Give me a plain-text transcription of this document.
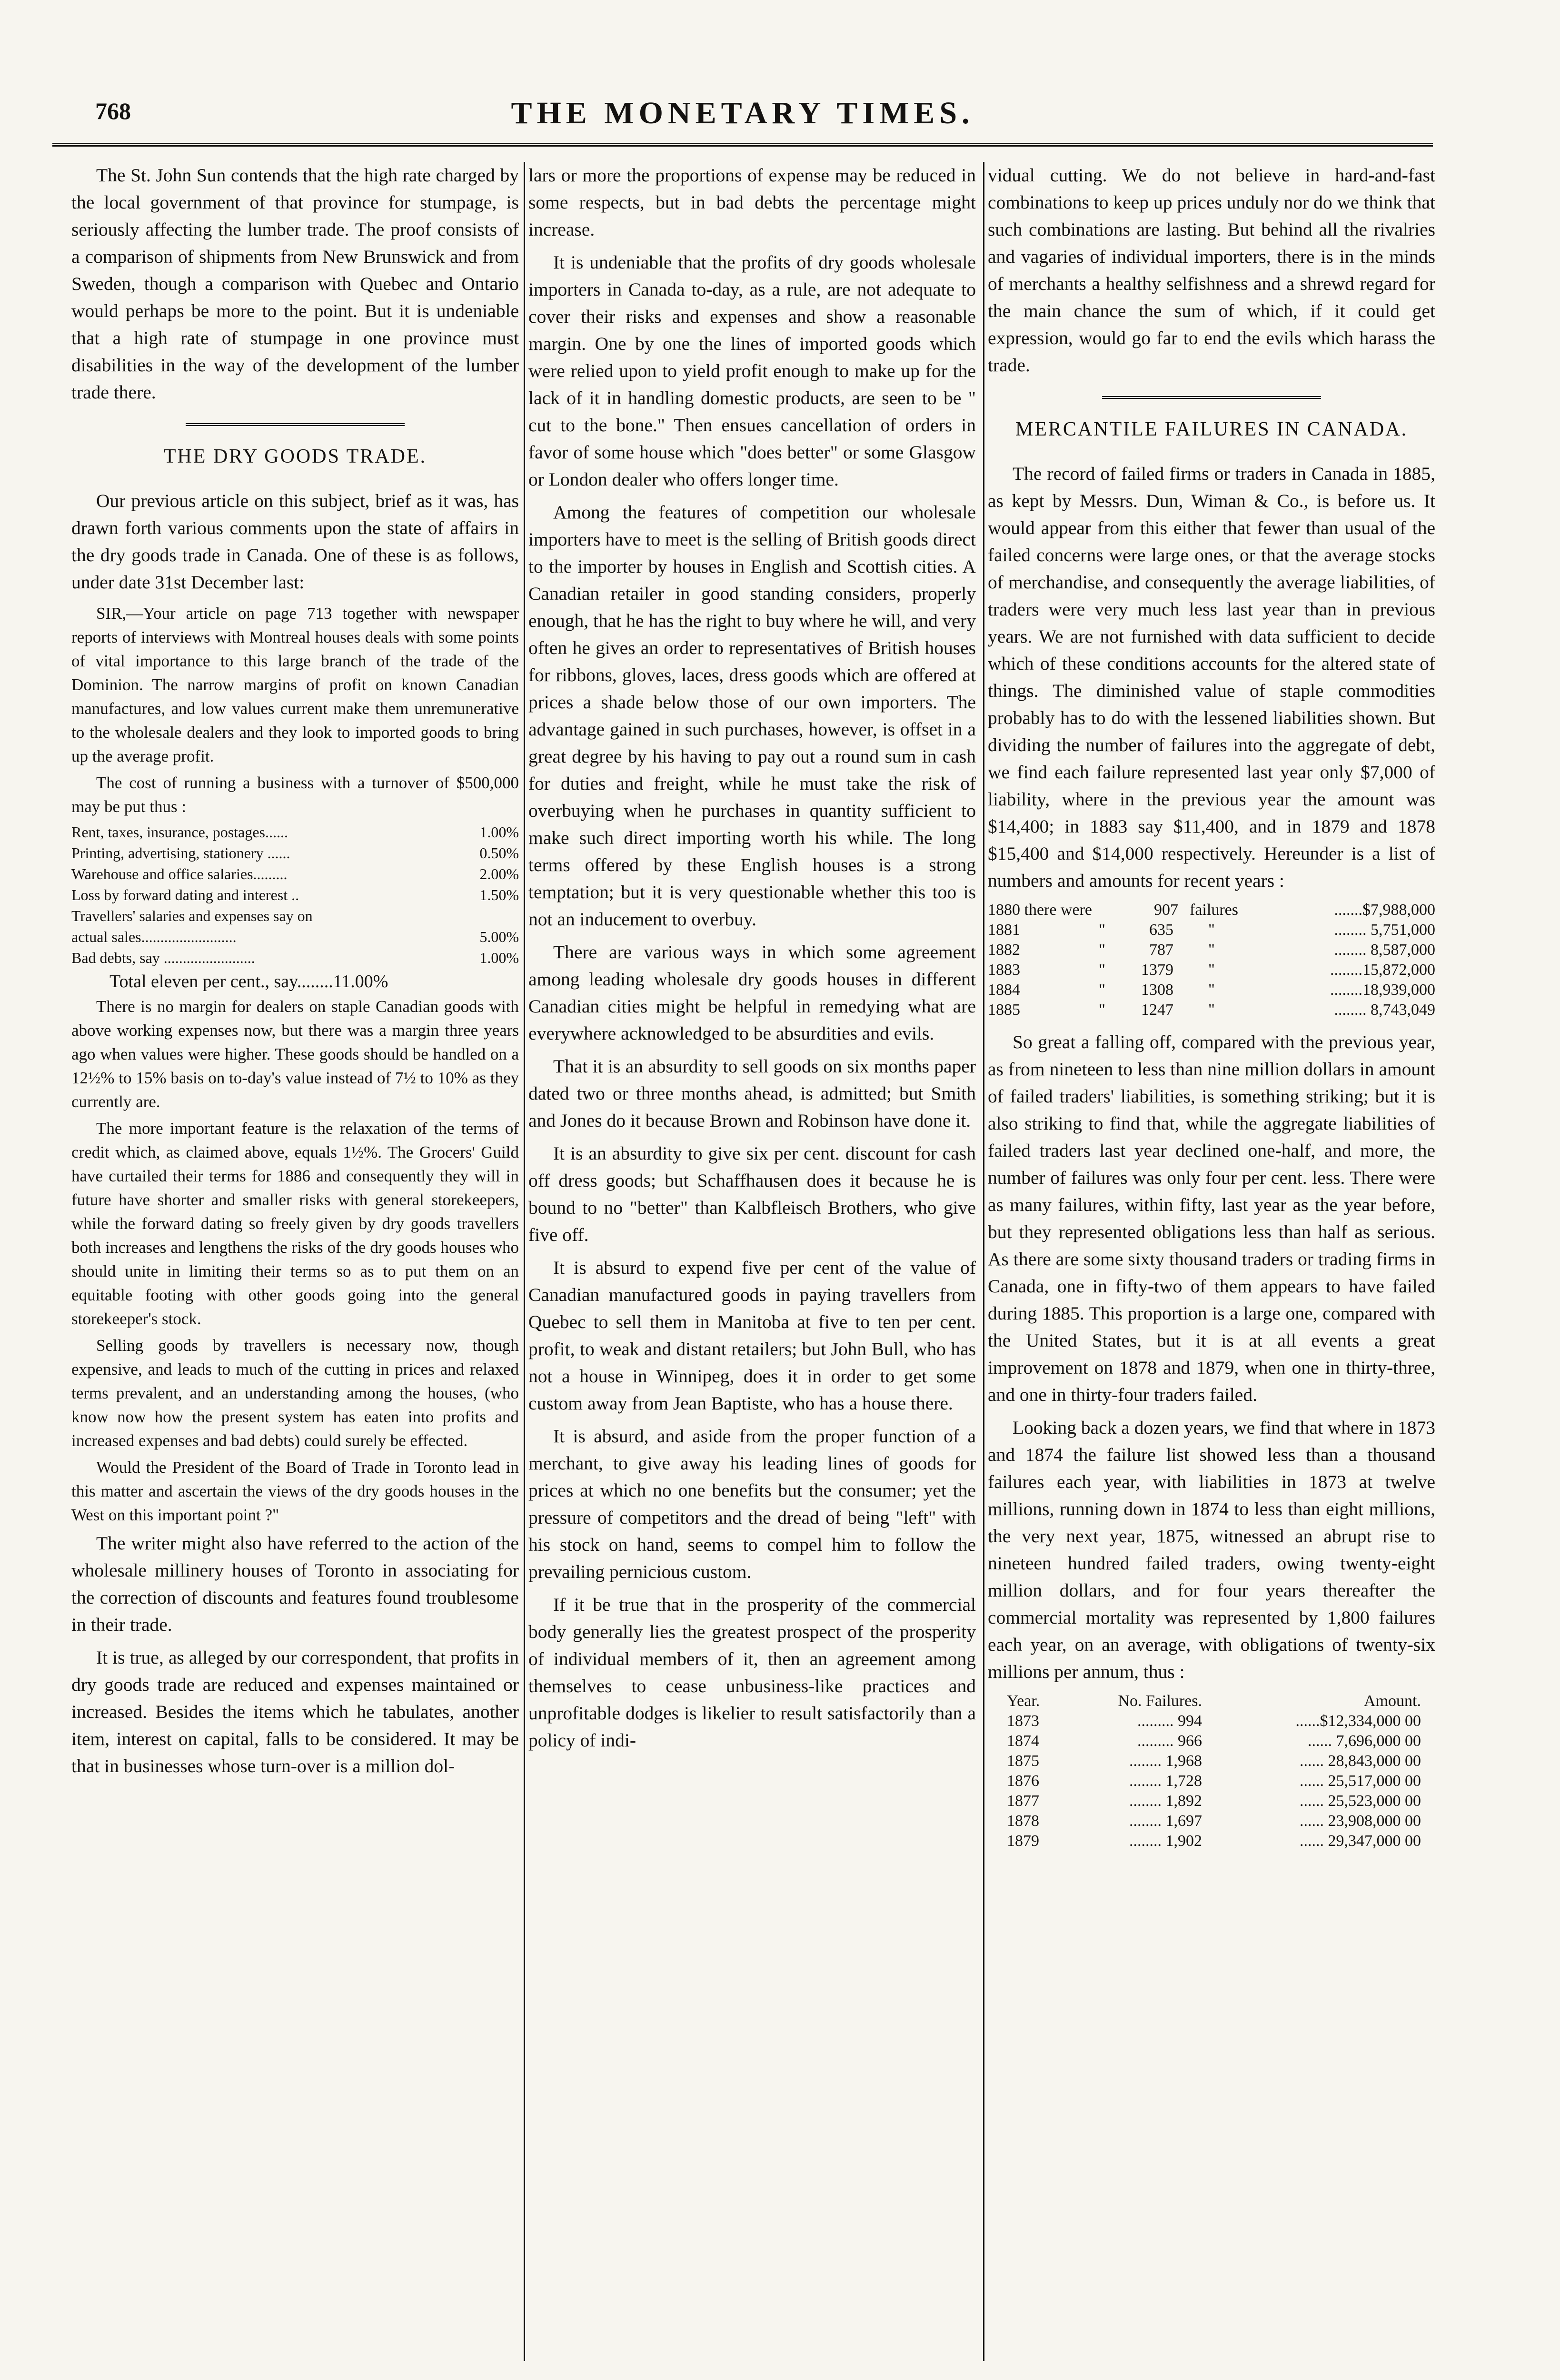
768	THE MONETARY TIMES.

The St. John Sun contends that the high rate charged by the local government of that province for stumpage, is seriously affecting the lumber trade. The proof consists of a comparison of shipments from New Brunswick and from Sweden, though a comparison with Quebec and Ontario would perhaps be more to the point. But it is undeniable that a high rate of stumpage in one province must disabilities in the way of the development of the lumber trade there.

THE DRY GOODS TRADE.

Our previous article on this subject, brief as it was, has drawn forth various comments upon the state of affairs in the dry goods trade in Canada. One of these is as follows, under date 31st December last:

SIR,—Your article on page 713 together with newspaper reports of interviews with Montreal houses deals with some points of vital importance to this large branch of the trade of the Dominion. The narrow margins of profit on known Canadian manufactures, and low values current make them unremunerative to the wholesale dealers and they look to imported goods to bring up the average profit.

The cost of running a business with a turnover of $500,000 may be put thus :

Rent, taxes, insurance, postages......	1.00%
Printing, advertising, stationery ......	0.50%
Warehouse and office salaries.........	2.00%
Loss by forward dating and interest ..	1.50%
Travellers' salaries and expenses say on
actual sales.........................	5.00%
Bad debts, say ........................	1.00%
Total eleven per cent., say........11.00%

There is no margin for dealers on staple Canadian goods with above working expenses now, but there was a margin three years ago when values were higher. These goods should be handled on a 12½% to 15% basis on to-day's value instead of 7½ to 10% as they currently are.

The more important feature is the relaxation of the terms of credit which, as claimed above, equals 1½%. The Grocers' Guild have curtailed their terms for 1886 and consequently they will in future have shorter and smaller risks with general storekeepers, while the forward dating so freely given by dry goods travellers both increases and lengthens the risks of the dry goods houses who should unite in limiting their terms so as to put them on an equitable footing with other goods going into the general storekeeper's stock.

Selling goods by travellers is necessary now, though expensive, and leads to much of the cutting in prices and relaxed terms prevalent, and an understanding among the houses, (who know now how the present system has eaten into profits and increased expenses and bad debts) could surely be effected.

Would the President of the Board of Trade in Toronto lead in this matter and ascertain the views of the dry goods houses in the West on this important point ?"

The writer might also have referred to the action of the wholesale millinery houses of Toronto in associating for the correction of discounts and features found troublesome in their trade.

It is true, as alleged by our correspondent, that profits in dry goods trade are reduced and expenses maintained or increased. Besides the items which he tabulates, another item, interest on capital, falls to be considered. It may be that in businesses whose turn-over is a million dol-

lars or more the proportions of expense may be reduced in some respects, but in bad debts the percentage might increase.

It is undeniable that the profits of dry goods wholesale importers in Canada to-day, as a rule, are not adequate to cover their risks and expenses and show a reasonable margin. One by one the lines of imported goods which were relied upon to yield profit enough to make up for the lack of it in handling domestic products, are seen to be " cut to the bone." Then ensues cancellation of orders in favor of some house which "does better" or some Glasgow or London dealer who offers longer time.

Among the features of competition our wholesale importers have to meet is the selling of British goods direct to the importer by houses in English and Scottish cities. A Canadian retailer in good standing considers, properly enough, that he has the right to buy where he will, and very often he gives an order to representatives of British houses for ribbons, gloves, laces, dress goods which are offered at prices a shade below those of our own importers. The advantage gained in such purchases, however, is offset in a great degree by his having to pay out a round sum in cash for duties and freight, while he must take the risk of overbuying when he purchases in quantity sufficient to make such direct importing worth his while. The long terms offered by these English houses is a strong temptation; but it is very questionable whether this too is not an inducement to overbuy.

There are various ways in which some agreement among leading wholesale dry goods houses in different Canadian cities might be helpful in remedying what are everywhere acknowledged to be absurdities and evils.

That it is an absurdity to sell goods on six months paper dated two or three months ahead, is admitted; but Smith and Jones do it because Brown and Robinson have done it.

It is an absurdity to give six per cent. discount for cash off dress goods; but Schaffhausen does it because he is bound to no "better" than Kalbfleisch Brothers, who give five off.

It is absurd to expend five per cent of the value of Canadian manufactured goods in paying travellers from Quebec to sell them in Manitoba at five to ten per cent. profit, to weak and distant retailers; but John Bull, who has not a house in Winnipeg, does it in order to get some custom away from Jean Baptiste, who has a house there.

It is absurd, and aside from the proper function of a merchant, to give away his leading lines of goods for prices at which no one benefits but the consumer; yet the pressure of competitors and the dread of being "left" with his stock on hand, seems to compel him to follow the prevailing pernicious custom.

If it be true that in the prosperity of the commercial body generally lies the greatest prospect of the prosperity of individual members of it, then an agreement among themselves to cease unbusiness-like practices and unprofitable dodges is likelier to result satisfactorily than a policy of indi-

vidual cutting. We do not believe in hard-and-fast combinations to keep up prices unduly nor do we think that such combinations are lasting. But behind all the rivalries and vagaries of individual importers, there is in the minds of merchants a healthy selfishness and a shrewd regard for the main chance the sum of which, if it could get expression, would go far to end the evils which harass the trade.

MERCANTILE FAILURES IN CANADA.

The record of failed firms or traders in Canada in 1885, as kept by Messrs. Dun, Wiman & Co., is before us. It would appear from this either that fewer than usual of the failed concerns were large ones, or that the average stocks of merchandise, and consequently the average liabilities, of traders were very much less last year than in previous years. We are not furnished with data sufficient to decide which of these conditions accounts for the altered state of things. The diminished value of staple commodities probably has to do with the lessened liabilities shown. But dividing the number of failures into the aggregate of debt, we find each failure represented last year only $7,000 of liability, where in the previous year the amount was $14,400; in 1883 say $11,400, and in 1879 and 1878 $15,400 and $14,000 respectively. Hereunder is a list of numbers and amounts for recent years :

1880 there were	907 failures	.......$7,988,000
1881	"	635	"	........ 5,751,000
1882	"	787	"	........ 8,587,000
1883	"	1379	"	........15,872,000
1884	"	1308	"	........18,939,000
1885	"	1247	"	........ 8,743,049

So great a falling off, compared with the previous year, as from nineteen to less than nine million dollars in amount of failed traders' liabilities, is something striking; but it is also striking to find that, while the aggregate liabilities of failed traders last year declined one-half, and more, the number of failures was only four per cent. less. There were as many failures, within fifty, last year as the year before, but they represented obligations less than half as serious. As there are some sixty thousand traders or trading firms in Canada, one in fifty-two of them appears to have failed during 1885. This proportion is a large one, compared with the United States, but it is at all events a great improvement on 1878 and 1879, when one in thirty-three, and one in thirty-four traders failed.

Looking back a dozen years, we find that where in 1873 and 1874 the failure list showed less than a thousand failures each year, with liabilities in 1873 at twelve millions, running down in 1874 to less than eight millions, the very next year, 1875, witnessed an abrupt rise to nineteen hundred failed traders, owing twenty-eight million dollars, and for four years thereafter the commercial mortality was represented by 1,800 failures each year, on an average, with obligations of twenty-six millions per annum, thus :

Year.	No. Failures.	Amount.
1873	......... 994	......$12,334,000 00
1874	......... 966	...... 7,696,000 00
1875	........ 1,968	...... 28,843,000 00
1876	........ 1,728	...... 25,517,000 00
1877	........ 1,892	...... 25,523,000 00
1878	........ 1,697	...... 23,908,000 00
1879	........ 1,902	...... 29,347,000 00
